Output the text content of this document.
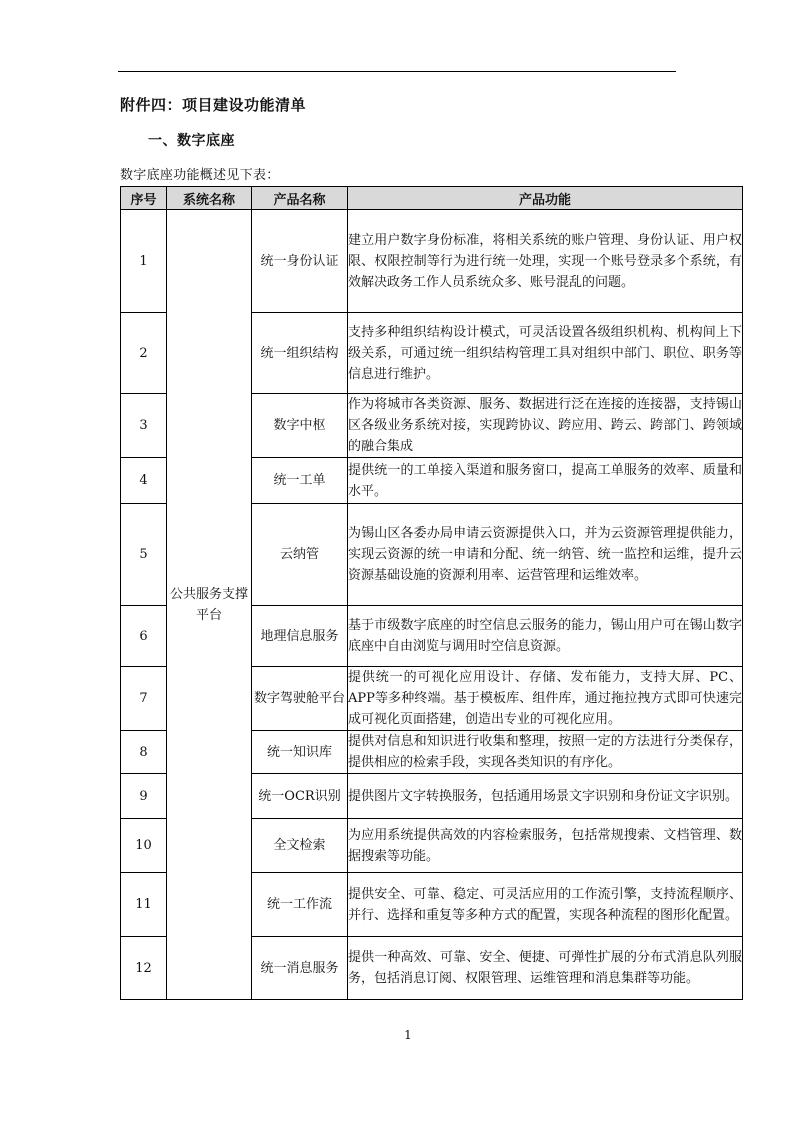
附件四：项目建设功能清单
一、数字底座
数字底座功能概述见下表：
序号	系统名称	产品名称	产品功能
1	公共服务支撑平台	统一身份认证	建立用户数字身份标准，将相关系统的账户管理、身份认证、用户权限、权限控制等行为进行统一处理，实现一个账号登录多个系统，有效解决政务工作人员系统众多、账号混乱的问题。
2		统一组织结构	支持多种组织结构设计模式，可灵活设置各级组织机构、机构间上下级关系，可通过统一组织结构管理工具对组织中部门、职位、职务等信息进行维护。
3		数字中枢	作为将城市各类资源、服务、数据进行泛在连接的连接器，支持锡山区各级业务系统对接，实现跨协议、跨应用、跨云、跨部门、跨领域的融合集成
4		统一工单	提供统一的工单接入渠道和服务窗口，提高工单服务的效率、质量和水平。
5		云纳管	为锡山区各委办局申请云资源提供入口，并为云资源管理提供能力，实现云资源的统一申请和分配、统一纳管、统一监控和运维，提升云资源基础设施的资源利用率、运营管理和运维效率。
6		地理信息服务	基于市级数字底座的时空信息云服务的能力，锡山用户可在锡山数字底座中自由浏览与调用时空信息资源。
7		数字驾驶舱平台	提供统一的可视化应用设计、存储、发布能力，支持大屏、PC、APP等多种终端。基于模板库、组件库，通过拖拉拽方式即可快速完成可视化页面搭建，创造出专业的可视化应用。
8		统一知识库	提供对信息和知识进行收集和整理，按照一定的方法进行分类保存，提供相应的检索手段，实现各类知识的有序化。
9		统一OCR识别	提供图片文字转换服务，包括通用场景文字识别和身份证文字识别。
10		全文检索	为应用系统提供高效的内容检索服务，包括常规搜索、文档管理、数据搜索等功能。
11		统一工作流	提供安全、可靠、稳定、可灵活应用的工作流引擎，支持流程顺序、并行、选择和重复等多种方式的配置，实现各种流程的图形化配置。
12		统一消息服务	提供一种高效、可靠、安全、便捷、可弹性扩展的分布式消息队列服务，包括消息订阅、权限管理、运维管理和消息集群等功能。
1
